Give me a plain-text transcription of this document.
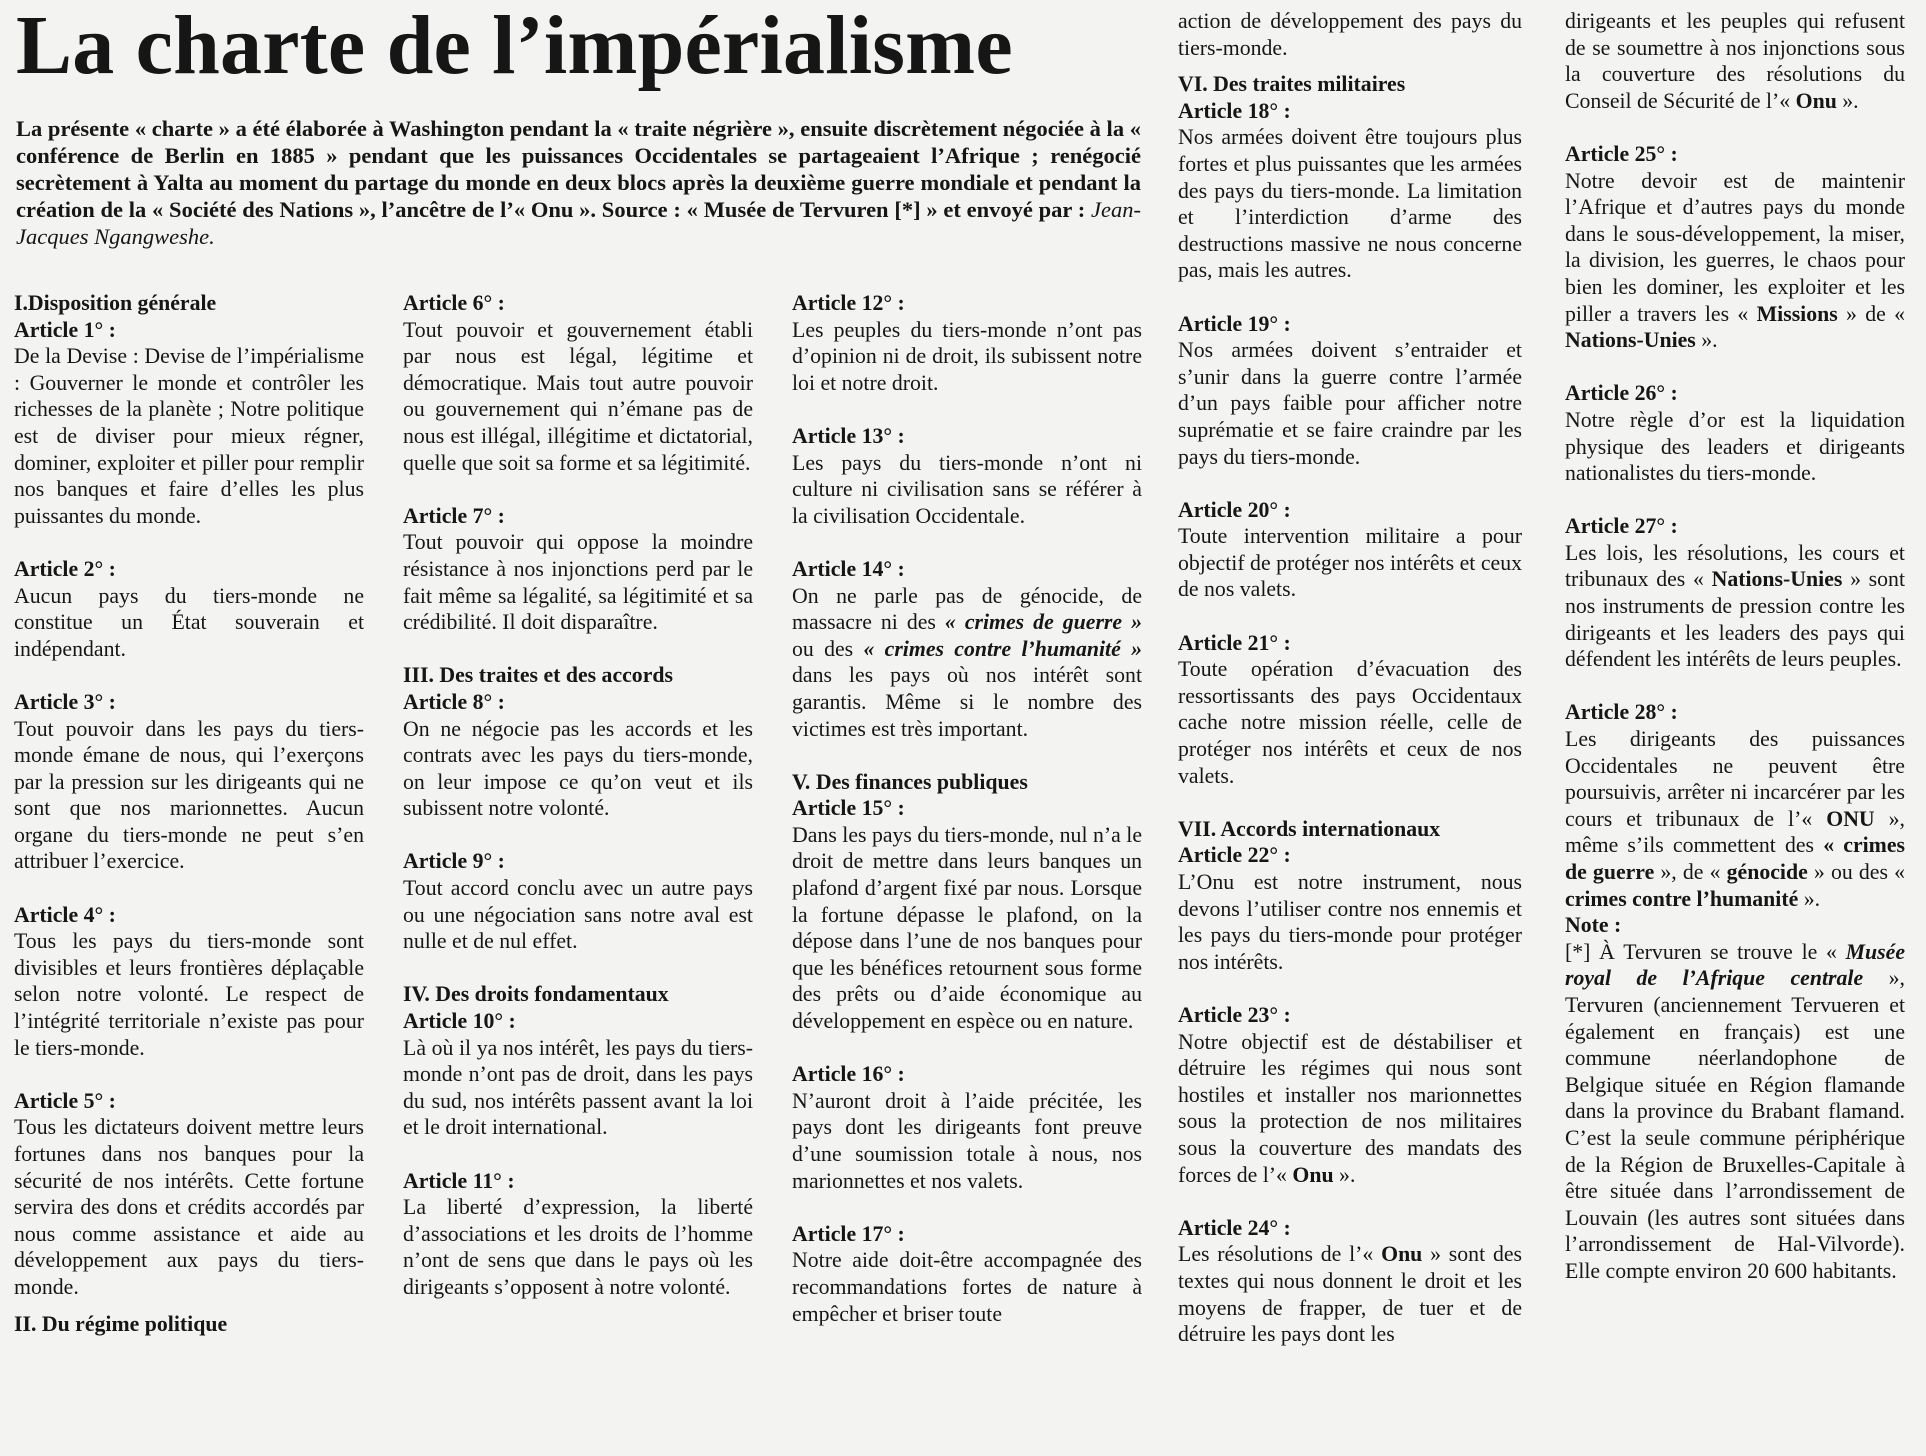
La charte de l’impérialisme

La présente « charte » a été élaborée à Washington pendant la « traite négrière », ensuite discrètement négociée à la « conférence de Berlin en 1885 » pendant que les puissances Occidentales se partageaient l’Afrique ; renégocié secrètement à Yalta au moment du partage du monde en deux blocs après la deuxième guerre mondiale et pendant la création de la « Société des Nations », l’ancêtre de l’« Onu ». Source : « Musée de Tervuren [*] » et envoyé par : Jean-Jacques Ngangweshe.

I.Disposition générale

Article 1° :

De la Devise : Devise de l’impérialisme : Gouverner le monde et contrôler les richesses de la planète ; Notre politique est de diviser pour mieux régner, dominer, exploiter et piller pour remplir nos banques et faire d’elles les plus puissantes du monde.

Article 2° :

Aucun pays du tiers-monde ne constitue un État souverain et indépendant.

Article 3° :

Tout pouvoir dans les pays du tiers-monde émane de nous, qui l’exerçons par la pression sur les dirigeants qui ne sont que nos marionnettes. Aucun organe du tiers-monde ne peut s’en attribuer l’exercice.

Article 4° :

Tous les pays du tiers-monde sont divisibles et leurs frontières déplaçable selon notre volonté. Le respect de l’intégrité territoriale n’existe pas pour le tiers-monde.

Article 5° :

Tous les dictateurs doivent mettre leurs fortunes dans nos banques pour la sécurité de nos intérêts. Cette fortune servira des dons et crédits accordés par nous comme assistance et aide au développement aux pays du tiers-monde.

II. Du régime politique

Article 6° :

Tout pouvoir et gouvernement établi par nous est légal, légitime et démocratique. Mais tout autre pouvoir ou gouvernement qui n’émane pas de nous est illégal, illégitime et dictatorial, quelle que soit sa forme et sa légitimité.

Article 7° :

Tout pouvoir qui oppose la moindre résistance à nos injonctions perd par le fait même sa légalité, sa légitimité et sa crédibilité. Il doit disparaître.

III. Des traites et des accords

Article 8° :

On ne négocie pas les accords et les contrats avec les pays du tiers-monde, on leur impose ce qu’on veut et ils subissent notre volonté.

Article 9° :

Tout accord conclu avec un autre pays ou une négociation sans notre aval est nulle et de nul effet.

IV. Des droits fondamentaux

Article 10° :

Là où il ya nos intérêt, les pays du tiers-monde n’ont pas de droit, dans les pays du sud, nos intérêts passent avant la loi et le droit international.

Article 11° :

La liberté d’expression, la liberté d’associations et les droits de l’homme n’ont de sens que dans le pays où les dirigeants s’opposent à notre volonté.

Article 12° :

Les peuples du tiers-monde n’ont pas d’opinion ni de droit, ils subissent notre loi et notre droit.

Article 13° :

Les pays du tiers-monde n’ont ni culture ni civilisation sans se référer à la civilisation Occidentale.

Article 14° :

On ne parle pas de génocide, de massacre ni des « crimes de guerre » ou des « crimes contre l’humanité » dans les pays où nos intérêt sont garantis. Même si le nombre des victimes est très important.

V. Des finances publiques

Article 15° :

Dans les pays du tiers-monde, nul n’a le droit de mettre dans leurs banques un plafond d’argent fixé par nous. Lorsque la fortune dépasse le plafond, on la dépose dans l’une de nos banques pour que les bénéfices retournent sous forme des prêts ou d’aide économique au développement en espèce ou en nature.

Article 16° :

N’auront droit à l’aide précitée, les pays dont les dirigeants font preuve d’une soumission totale à nous, nos marionnettes et nos valets.

Article 17° :

Notre aide doit-être accompagnée des recommandations fortes de nature à empêcher et briser toute

action de développement des pays du tiers-monde.

VI. Des traites militaires

Article 18° :

Nos armées doivent être toujours plus fortes et plus puissantes que les armées des pays du tiers-monde. La limitation et l’interdiction d’arme des destructions massive ne nous concerne pas, mais les autres.

Article 19° :

Nos armées doivent s’entraider et s’unir dans la guerre contre l’armée d’un pays faible pour afficher notre suprématie et se faire craindre par les pays du tiers-monde.

Article 20° :

Toute intervention militaire a pour objectif de protéger nos intérêts et ceux de nos valets.

Article 21° :

Toute opération d’évacuation des ressortissants des pays Occidentaux cache notre mission réelle, celle de protéger nos intérêts et ceux de nos valets.

VII. Accords internationaux

Article 22° :

L’Onu est notre instrument, nous devons l’utiliser contre nos ennemis et les pays du tiers-monde pour protéger nos intérêts.

Article 23° :

Notre objectif est de déstabiliser et détruire les régimes qui nous sont hostiles et installer nos marionnettes sous la protection de nos militaires sous la couverture des mandats des forces de l’« Onu ».

Article 24° :

Les résolutions de l’« Onu » sont des textes qui nous donnent le droit et les moyens de frapper, de tuer et de détruire les pays dont les

dirigeants et les peuples qui refusent de se soumettre à nos injonctions sous la couverture des résolutions du Conseil de Sécurité de l’« Onu ».

Article 25° :

Notre devoir est de maintenir l’Afrique et d’autres pays du monde dans le sous-développement, la miser, la division, les guerres, le chaos pour bien les dominer, les exploiter et les piller a travers les « Missions » de « Nations-Unies ».

Article 26° :

Notre règle d’or est la liquidation physique des leaders et dirigeants nationalistes du tiers-monde.

Article 27° :

Les lois, les résolutions, les cours et tribunaux des « Nations-Unies » sont nos instruments de pression contre les dirigeants et les leaders des pays qui défendent les intérêts de leurs peuples.

Article 28° :

Les dirigeants des puissances Occidentales ne peuvent être poursuivis, arrêter ni incarcérer par les cours et tribunaux de l’« ONU », même s’ils commettent des « crimes de guerre », de « génocide » ou des « crimes contre l’humanité ».

Note :

[*] À Tervuren se trouve le « Musée royal de l’Afrique centrale », Tervuren (anciennement Tervueren et également en français) est une commune néerlandophone de Belgique située en Région flamande dans la province du Brabant flamand. C’est la seule commune périphérique de la Région de Bruxelles-Capitale à être située dans l’arrondissement de Louvain (les autres sont situées dans l’arrondissement de Hal-Vilvorde). Elle compte environ 20 600 habitants.
